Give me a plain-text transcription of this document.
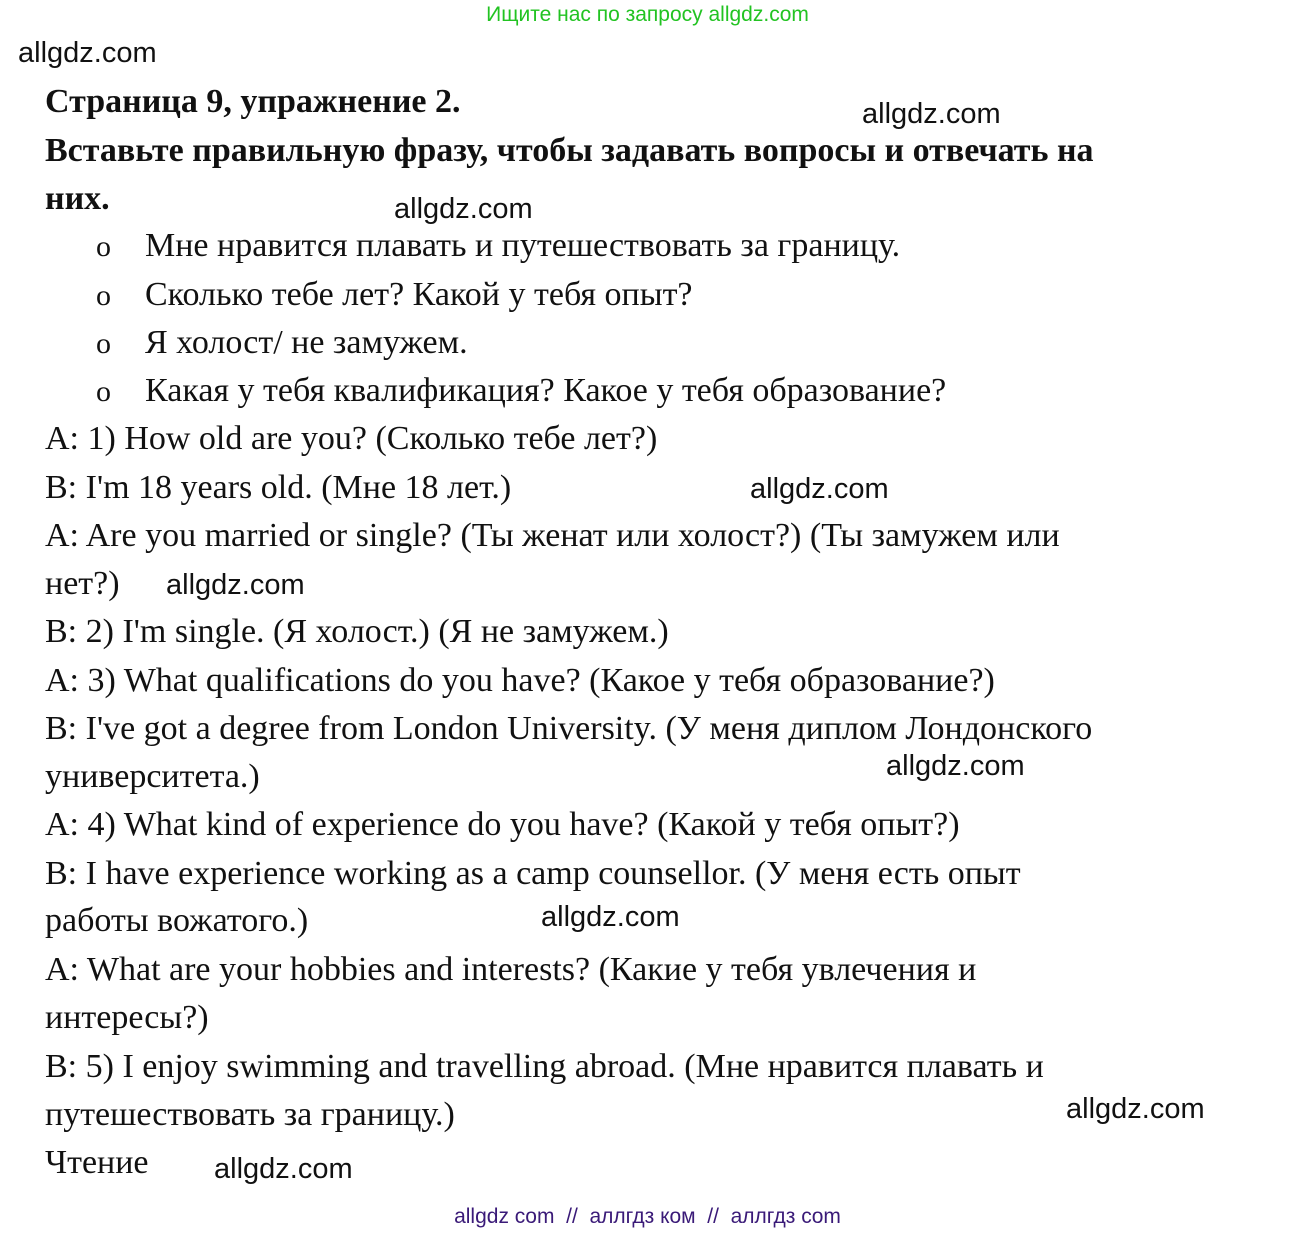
Ищите нас по запросу allgdz.com
allgdz.com
allgdz.com
allgdz.com
allgdz.com
allgdz.com
allgdz.com
allgdz.com
allgdz.com
allgdz.com
Страница 9, упражнение 2.
Вставьте правильную фразу, чтобы задавать вопросы и отвечать на
них.
o Мне нравится плавать и путешествовать за границу.
o Сколько тебе лет? Какой у тебя опыт?
o Я холост/ не замужем.
o Какая у тебя квалификация? Какое у тебя образование?
A: 1) How old are you? (Сколько тебе лет?)
B: I'm 18 years old. (Мне 18 лет.)
A: Are you married or single? (Ты женат или холост?) (Ты замужем или
нет?)
B: 2) I'm single. (Я холост.) (Я не замужем.)
A: 3) What qualifications do you have? (Какое у тебя образование?)
B: I've got a degree from London University. (У меня диплом Лондонского
университета.)
A: 4) What kind of experience do you have? (Какой у тебя опыт?)
B: I have experience working as a camp counsellor. (У меня есть опыт
работы вожатого.)
A: What are your hobbies and interests? (Какие у тебя увлечения и
интересы?)
B: 5) I enjoy swimming and travelling abroad. (Мне нравится плавать и
путешествовать за границу.)
Чтение
allgdz com  //  аллгдз ком  //  аллгдз com
